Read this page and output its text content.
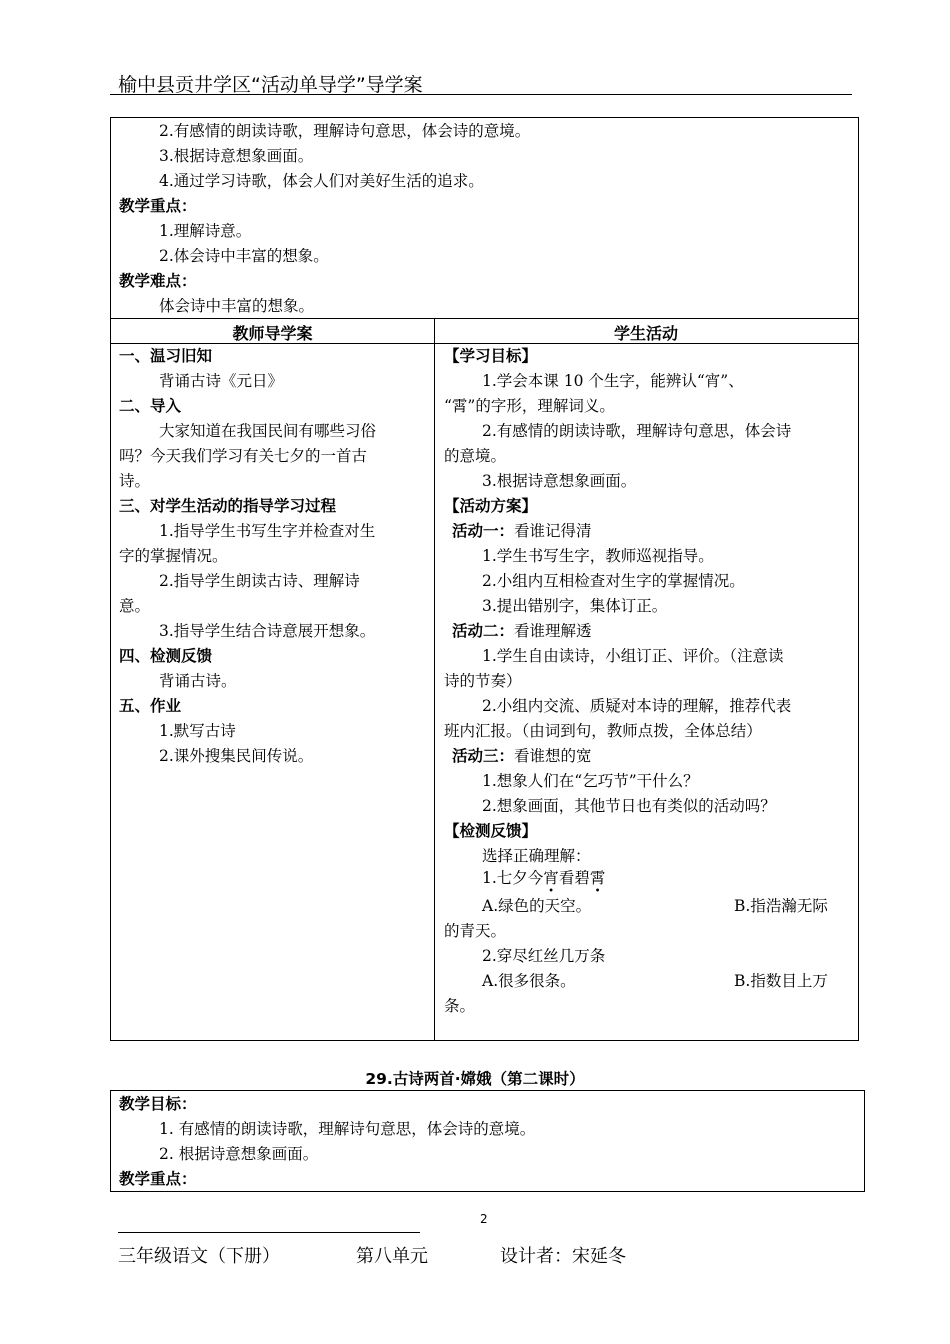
榆中县贡井学区“活动单导学”导学案
2.有感情的朗读诗歌，理解诗句意思，体会诗的意境。
3.根据诗意想象画面。
4.通过学习诗歌，体会人们对美好生活的追求。
教学重点：
1.理解诗意。
2.体会诗中丰富的想象。
教学难点：
体会诗中丰富的想象。
教师导学案	学生活动
一、温习旧知
背诵古诗《元日》
二、导入
大家知道在我国民间有哪些习俗
吗？今天我们学习有关七夕的一首古
诗。
三、对学生活动的指导学习过程
1.指导学生书写生字并检查对生
字的掌握情况。
2.指导学生朗读古诗、理解诗
意。
3.指导学生结合诗意展开想象。
四、检测反馈
背诵古诗。
五、作业
1.默写古诗
2.课外搜集民间传说。
【学习目标】
1.学会本课 10 个生字，能辨认“宵”、
“霄”的字形，理解词义。
2.有感情的朗读诗歌，理解诗句意思，体会诗
的意境。
3.根据诗意想象画面。
【活动方案】
活动一：看谁记得清
1.学生书写生字，教师巡视指导。
2.小组内互相检查对生字的掌握情况。
3.提出错别字，集体订正。
活动二：看谁理解透
1.学生自由读诗，小组订正、评价。（注意读
诗的节奏）
2.小组内交流、质疑对本诗的理解，推荐代表
班内汇报。（由词到句，教师点拨，全体总结）
活动三：看谁想的宽
1.想象人们在“乞巧节”干什么？
2.想象画面，其他节日也有类似的活动吗？
【检测反馈】
选择正确理解：
1.七夕今宵看碧霄
A.绿色的天空。	B.指浩瀚无际
的青天。
2.穿尽红丝几万条
A.很多很条。	B.指数目上万
条。
29.古诗两首·嫦娥（第二课时）
教学目标：
1. 有感情的朗读诗歌，理解诗句意思，体会诗的意境。
2. 根据诗意想象画面。
教学重点：
2
三年级语文（下册）	第八单元	设计者：宋延冬
